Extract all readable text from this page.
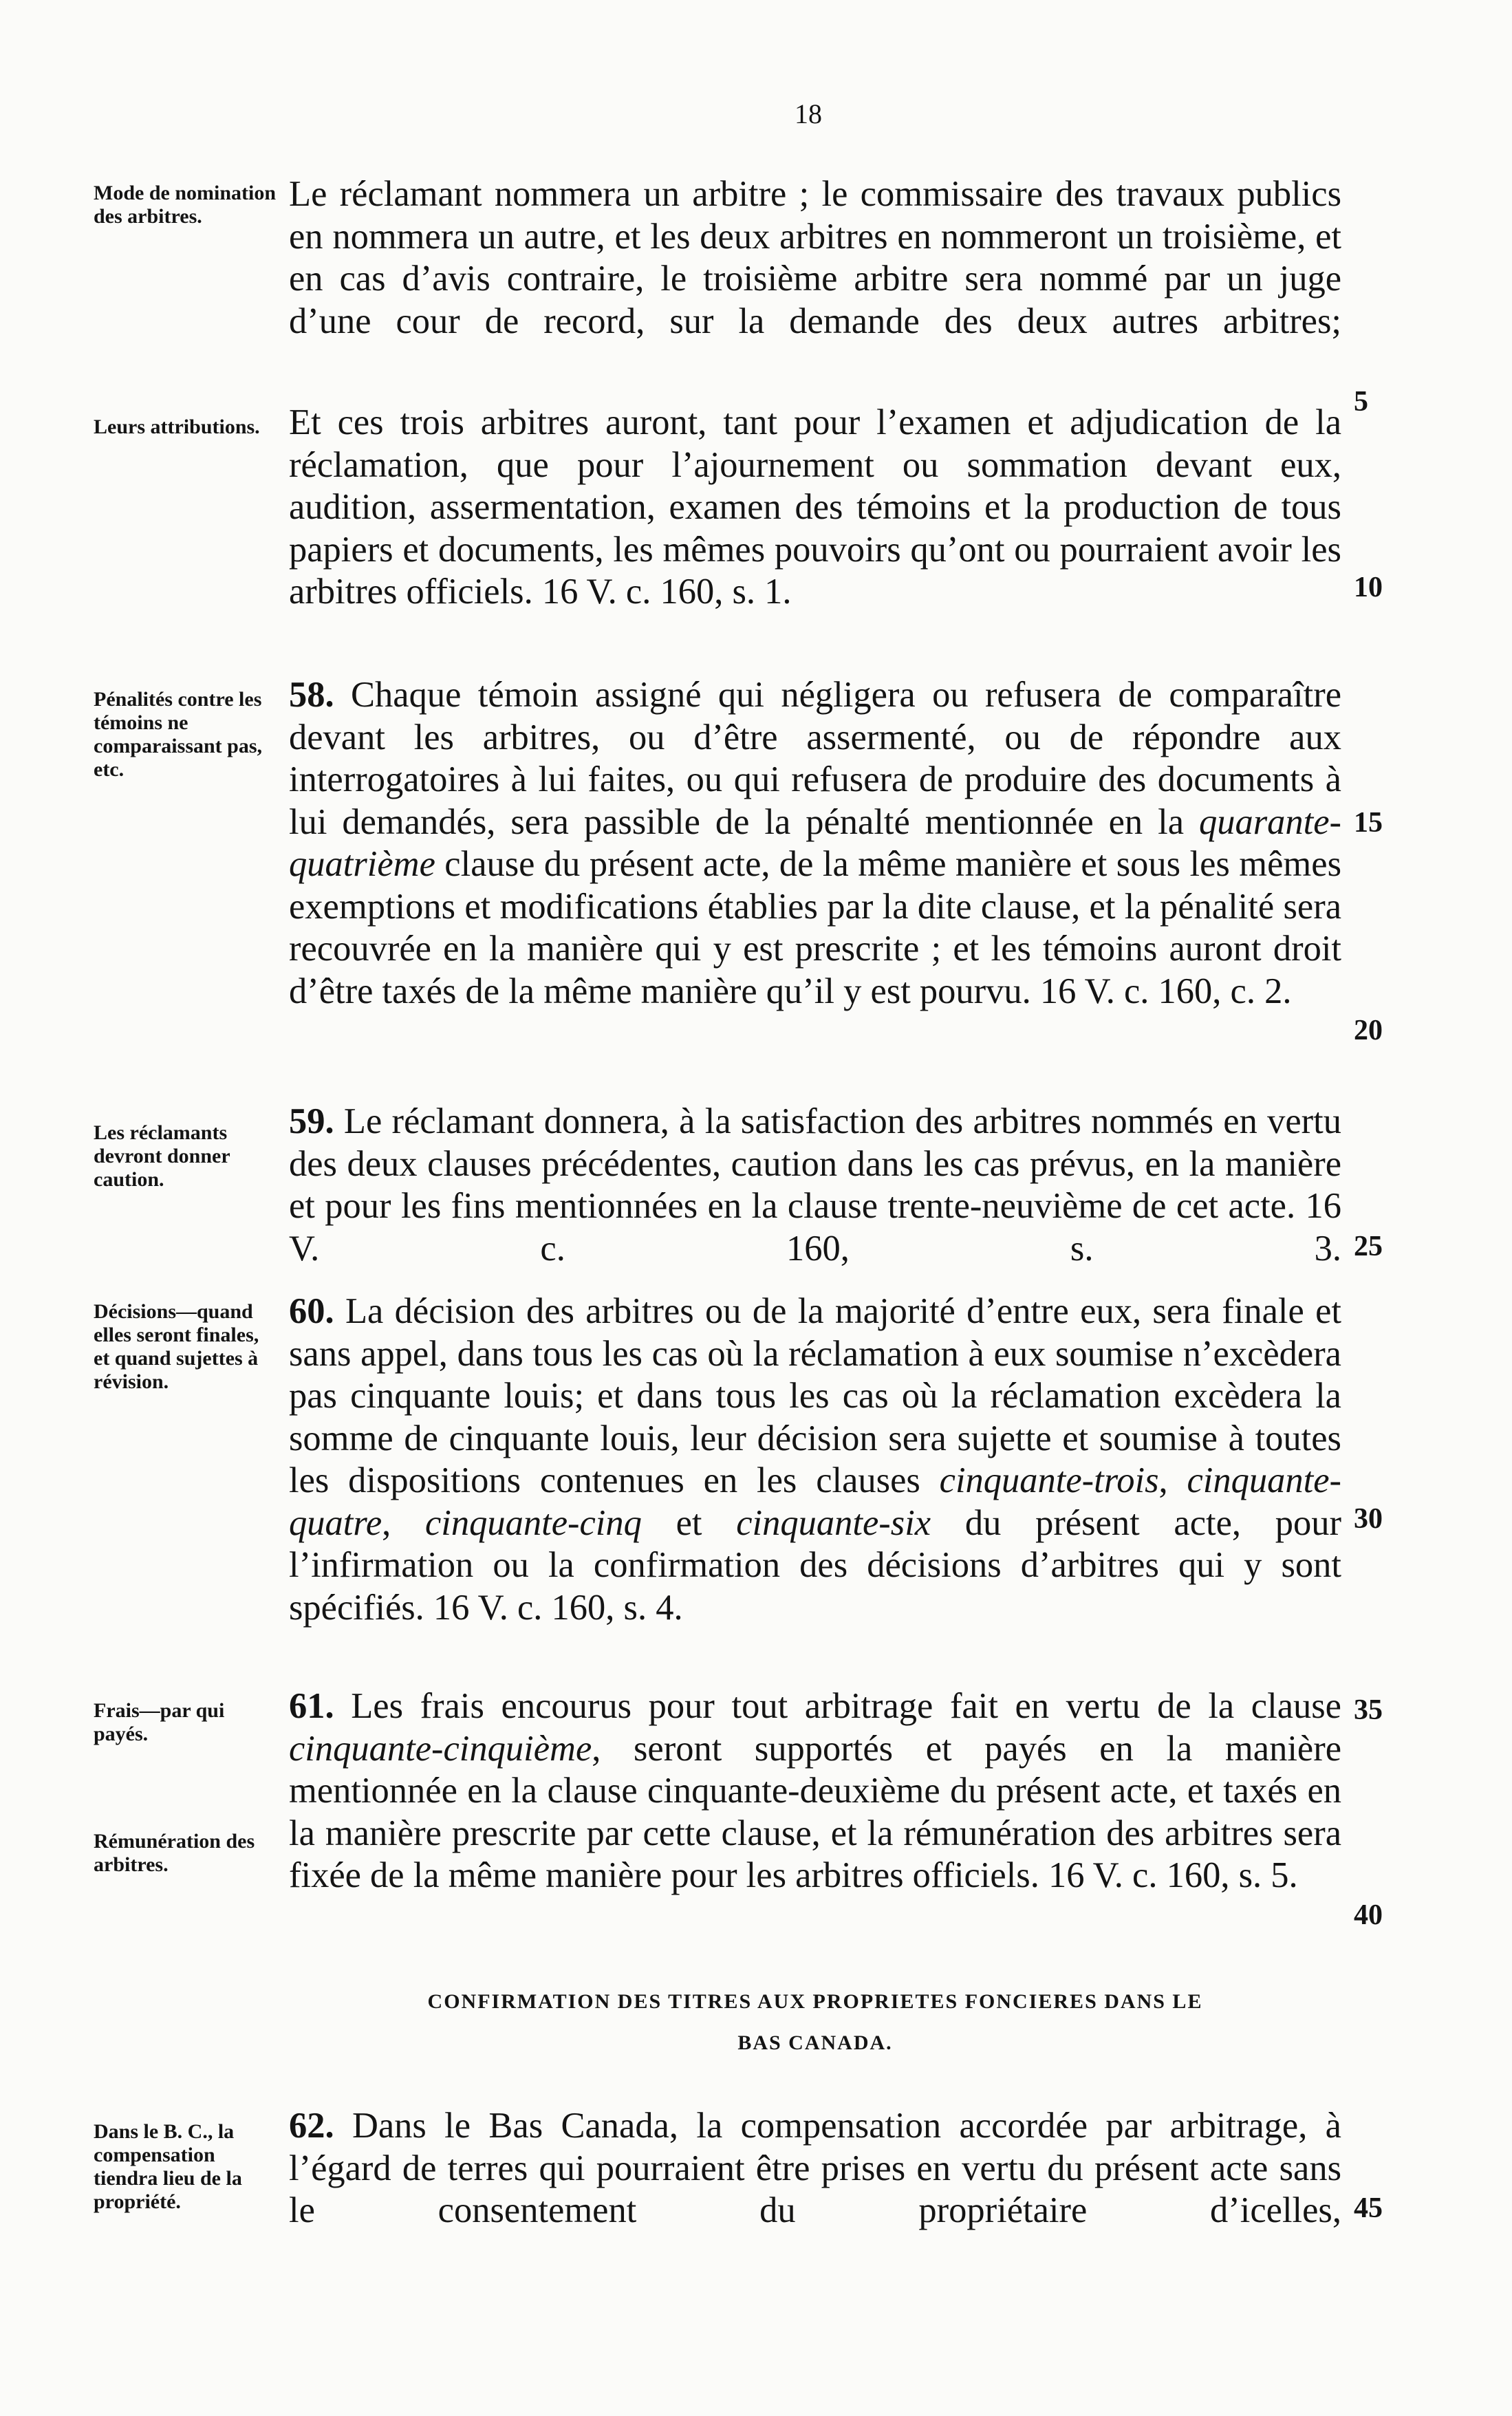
18
Mode de nomination des arbitres.
Le réclamant nommera un arbitre ; le commissaire des travaux publics en nommera un autre, et les deux arbitres en nommeront un troisième, et en cas d’avis contraire, le troisième arbitre sera nommé par un juge d’une cour de record, sur la demande des deux autres arbitres;
5
Leurs attributions. Et ces trois arbitres auront, tant pour l’examen et adjudication de la réclamation, que pour l’ajournement ou sommation devant eux, audition, assermentation, examen des témoins et la production de tous papiers et documents, les mêmes pouvoirs qu’ont ou pourraient avoir les arbitres officiels. 16 V. c. 160, s. 1.	10
Pénalités contre les témoins ne comparaissant pas, etc.
58. Chaque témoin assigné qui négligera ou refusera de comparaître devant les arbitres, ou d’être assermenté, ou de répondre aux interrogatoires à lui faites, ou qui refusera de produire des documents à lui demandés, sera passible de la pénalté mentionnée en la quarante-quatrième clause du présent acte, de la même manière et sous les mêmes exemptions et modifications établies par la dite clause, et la pénalité sera recouvrée en la manière qui y est prescrite ; et les témoins auront droit d’être taxés de la même manière qu’il y est pourvu. 16 V. c. 160, c. 2.
15
20
Les réclamants devront donner caution.
59. Le réclamant donnera, à la satisfaction des arbitres nommés en vertu des deux clauses précédentes, caution dans les cas prévus, en la manière et pour les fins mentionnées en la clause trente-neuvième de cet acte. 16 V. c. 160, s. 3. 25
Décisions—quand elles seront finales, et quand sujettes à révision.
60. La décision des arbitres ou de la majorité d’entre eux, sera finale et sans appel, dans tous les cas où la réclamation à eux soumise n’excèdera pas cinquante louis; et dans tous les cas où la réclamation excèdera la somme de cinquante louis, leur décision sera sujette et soumise à toutes les dispositions contenues en les clauses cinquante-trois, cinquante-quatre, cinquante-cinq et cinquante-six du présent acte, pour l’infirmation ou la confirmation des décisions d’arbitres qui y sont spécifiés. 16 V. c. 160, s. 4.
30
Frais—par qui payés.
Rémunération des arbitres.
61. Les frais encourus pour tout arbitrage fait en vertu de la clause cinquante-cinquième, seront supportés et payés en la manière mentionnée en la clause cinquante-deuxième du présent acte, et taxés en la manière prescrite par cette clause, et la rémunération des arbitres sera fixée de la même manière pour les arbitres officiels. 16 V. c. 160, s. 5.
35
40
CONFIRMATION DES TITRES AUX PROPRIETES FONCIERES DANS LE
BAS CANADA.
Dans le B. C., la compensation tiendra lieu de la propriété.
62. Dans le Bas Canada, la compensation accordée par arbitrage, à l’égard de terres qui pourraient être prises en vertu du présent acte sans le consentement du propriétaire d’icelles, 45
